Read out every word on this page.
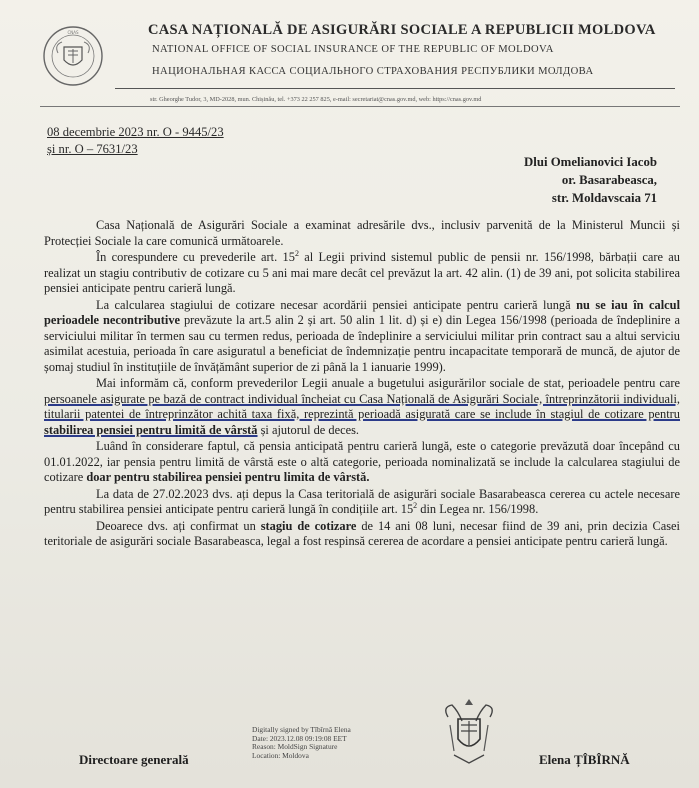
CNAS	CASA NAȚIONALĂ DE ASIGURĂRI SOCIALE A REPUBLICII MOLDOVA
NATIONAL OFFICE OF SOCIAL INSURANCE OF THE REPUBLIC OF MOLDOVA
НАЦИОНАЛЬНАЯ КАССА СОЦИАЛЬНОГО СТРАХОВАНИЯ РЕСПУБЛИКИ МОЛДОВА
str. Gheorghe Tudor, 3, MD-2028, mun. Chișinău, tel. +373 22 257 825, e-mail: secretariat@cnas.gov.md, web: https://cnas.gov.md
08 decembrie 2023 nr. O - 9445/23
și nr. O – 7631/23
Dlui Omelianovici Iacob
or. Basarabeasca,
str. Moldavscaia 71

Casa Națională de Asigurări Sociale a examinat adresările dvs., inclusiv parvenită de la Ministerul Muncii și Protecției Sociale la care comunică următoarele.

În corespundere cu prevederile art. $15^2$ al Legii privind sistemul public de pensii nr. 156/1998, bărbații care au realizat un stagiu contributiv de cotizare cu 5 ani mai mare decât cel prevăzut la art. 42 alin. (1) de 39 ani, pot solicita stabilirea pensiei anticipate pentru carieră lungă.

La calcularea stagiului de cotizare necesar acordării pensiei anticipate pentru carieră lungă nu se iau în calcul perioadele necontributive prevăzute la art.5 alin 2 și art. 50 alin 1 lit. d) și e) din Legea 156/1998 (perioada de îndeplinire a serviciului militar în termen sau cu termen redus, perioada de îndeplinire a serviciului militar prin contract sau a altui serviciu asimilat acestuia, perioada în care asiguratul a beneficiat de îndemnizație pentru incapacitate temporară de muncă, de ajutor de șomaj studiul în instituțiile de învățământ superior de zi până la 1 ianuarie 1999).

Mai informăm că, conform prevederilor Legii anuale a bugetului asigurărilor sociale de stat, perioadele pentru care persoanele asigurate pe bază de contract individual încheiat cu Casa Națională de Asigurări Sociale, întreprinzătorii individuali, titularii patentei de întreprinzător achită taxa fixă, reprezintă perioadă asigurată care se include în stagiul de cotizare pentru stabilirea pensiei pentru limită de vârstă și ajutorul de deces.

Luând în considerare faptul, că pensia anticipată pentru carieră lungă, este o categorie prevăzută doar începând cu 01.01.2022, iar pensia pentru limită de vârstă este o altă categorie, perioada nominalizată se include la calcularea stagiului de cotizare doar pentru stabilirea pensiei pentru limita de vârstă.

La data de 27.02.2023 dvs. ați depus la Casa teritorială de asigurări sociale Basarabeasca cererea cu actele necesare pentru stabilirea pensiei anticipate pentru carieră lungă în condițiile art. $15^2$ din Legea nr. 156/1998.

Deoarece dvs. ați confirmat un stagiu de cotizare de 14 ani 08 luni, necesar fiind de 39 ani, prin decizia Casei teritoriale de asigurări sociale Basarabeasca, legal a fost respinsă cererea de acordare a pensiei anticipate pentru carieră lungă.

Directoare generală
Digitally signed by Tîbîrnă Elena
Date: 2023.12.08 09:19:08 EET
Reason: MoldSign Signature
Location: Moldova	Elena ȚÎBÎRNĂ
